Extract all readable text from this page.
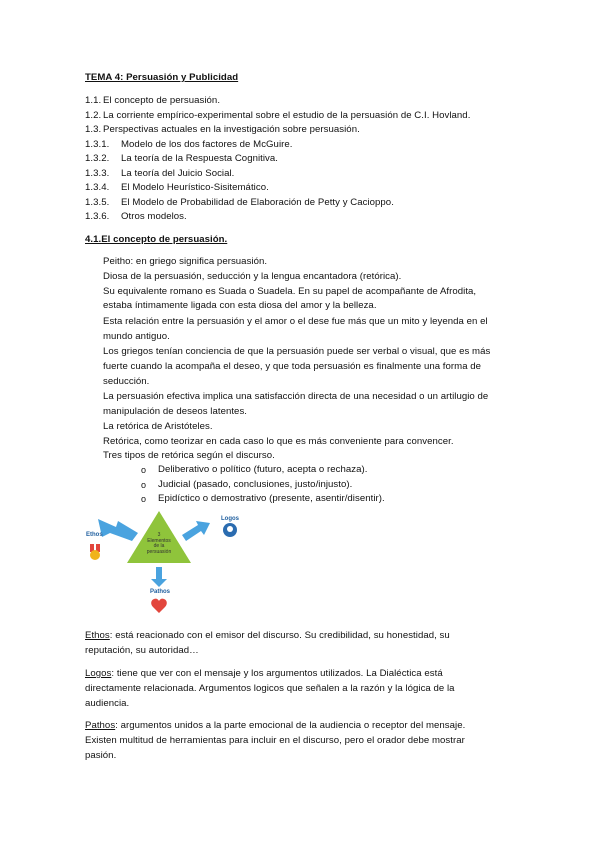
TEMA 4: Persuasión y Publicidad
1.1. El concepto de persuasión.
1.2. La corriente empírico-experimental sobre el estudio de la persuasión de C.I. Hovland.
1.3. Perspectivas actuales en la investigación sobre persuasión.
1.3.1. Modelo de los dos factores de McGuire.
1.3.2. La teoría de la Respuesta Cognitiva.
1.3.3. La teoría del Juicio Social.
1.3.4. El Modelo Heurístico-Sisitemático.
1.3.5. El Modelo de Probabilidad de Elaboración de Petty y Cacioppo.
1.3.6. Otros modelos.
4.1.El concepto de persuasión.
Peitho: en griego significa persuasión.
Diosa de la persuasión, seducción y la lengua encantadora (retórica).
Su equivalente romano es Suada o Suadela. En su papel de acompañante de Afrodita,
estaba íntimamente ligada con esta diosa del amor y la belleza.
Esta relación entre la persuasión y el amor o el dese fue más que un mito y leyenda en el
mundo antiguo.
Los griegos tenían conciencia de que la persuasión puede ser verbal o visual, que es más
fuerte cuando la acompaña el deseo, y que toda persuasión es finalmente una forma de
seducción.
La persuasión efectiva implica una satisfacción directa de una necesidad o un artilugio de
manipulación de deseos latentes.
La retórica de Aristóteles.
Retórica, como teorizar en cada caso lo que es más conveniente para convencer.
Tres tipos de retórica según el discurso.
o Deliberativo o político (futuro, acepta o rechaza).
o Judicial (pasado, conclusiones, justo/injusto).
o Epidíctico o demostrativo (presente, asentir/disentir).
Ethos
Logos
Pathos
3
Elementos
de la
persuasión
Ethos: está reacionado con el emisor del discurso. Su credibilidad, su honestidad, su
reputación, su autoridad…
Logos: tiene que ver con el mensaje y los argumentos utilizados. La Dialéctica está
directamente relacionada. Argumentos logicos que señalen a la razón y la lógica de la
audiencia.
Pathos: argumentos unidos a la parte emocional de la audiencia o receptor del mensaje.
Existen multitud de herramientas para incluir en el discurso, pero el orador debe mostrar
pasión.
